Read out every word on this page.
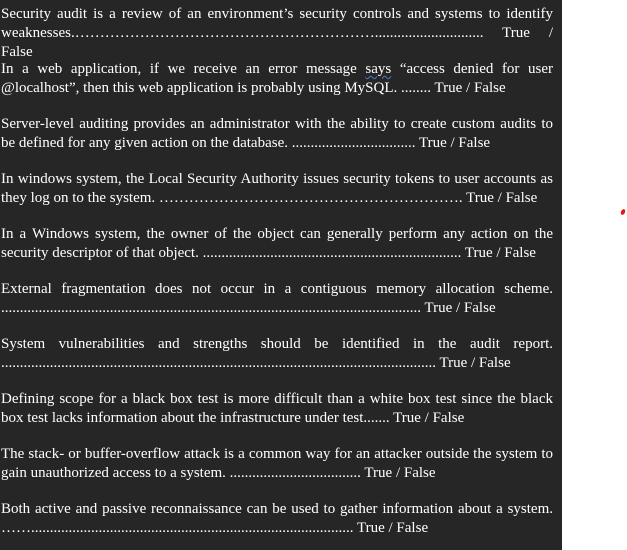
Security audit is a review of an environment’s security controls and systems to identify weaknesses.……………………………………………………............................. True / False
In a web application, if we receive an error message says “access denied for user @localhost”, then this web application is probably using MySQL. ........ True / False
Server-level auditing provides an administrator with the ability to create custom audits to be defined for any given action on the database. ................................. True / False
In windows system, the Local Security Authority issues security tokens to user accounts as they log on to the system. ……………………………………………………. True / False
In a Windows system, the owner of the object can generally perform any action on the security descriptor of that object. ..................................................................... True / False
External fragmentation does not occur in a contiguous memory allocation scheme. ................................................................................................................ True / False
System vulnerabilities and strengths should be identified in the audit report. .................................................................................................................... True / False
Defining scope for a black box test is more difficult than a white box test since the black box test lacks information about the infrastructure under test....... True / False
The stack- or buffer-overflow attack is a common way for an attacker outside the system to gain unauthorized access to a system. ................................... True / False
Both active and passive reconnaissance can be used to gather information about a system. ……...................................................................................... True / False
